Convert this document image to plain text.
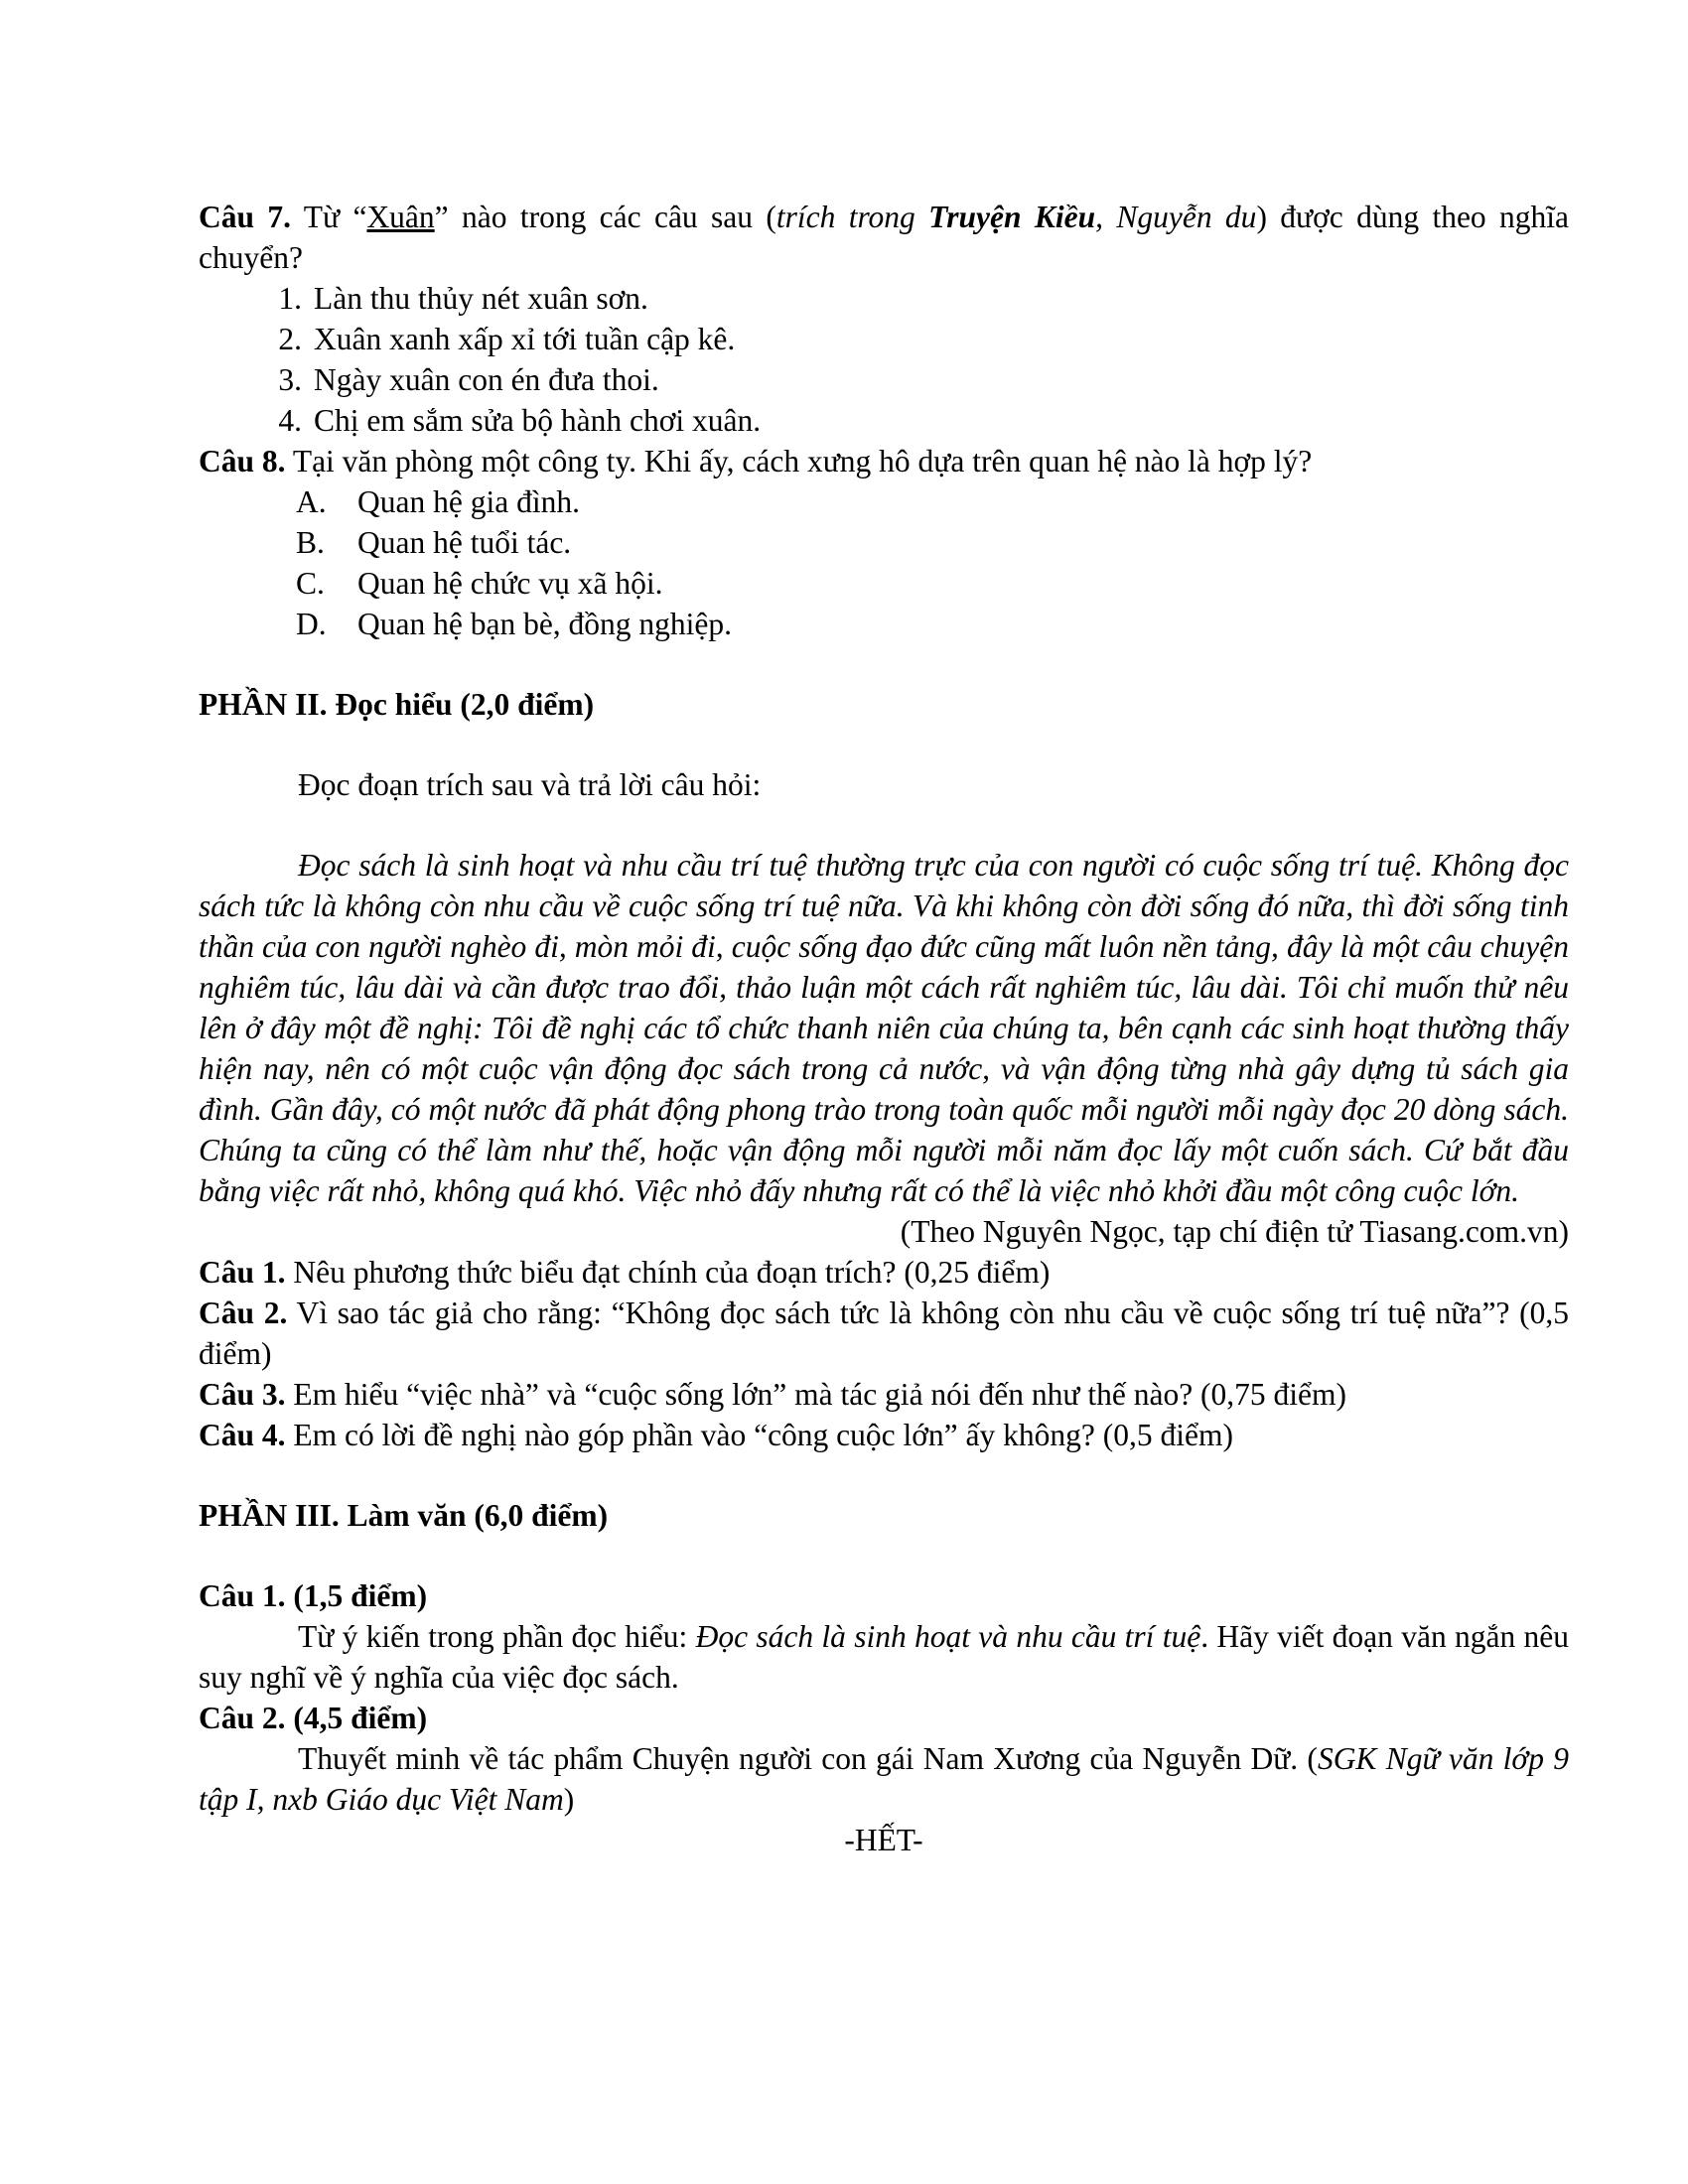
Câu 7. Từ “Xuân” nào trong các câu sau (trích trong Truyện Kiều, Nguyễn du) được dùng theo nghĩa chuyển?

1. Làn thu thủy nét xuân sơn.
2. Xuân xanh xấp xỉ tới tuần cập kê.
3. Ngày xuân con én đưa thoi.
4. Chị em sắm sửa bộ hành chơi xuân.

Câu 8. Tại văn phòng một công ty. Khi ấy, cách xưng hô dựa trên quan hệ nào là hợp lý?

A. Quan hệ gia đình.
B. Quan hệ tuổi tác.
C. Quan hệ chức vụ xã hội.
D. Quan hệ bạn bè, đồng nghiệp.

PHẦN II. Đọc hiểu (2,0 điểm)

Đọc đoạn trích sau và trả lời câu hỏi:

Đọc sách là sinh hoạt và nhu cầu trí tuệ thường trực của con người có cuộc sống trí tuệ. Không đọc sách tức là không còn nhu cầu về cuộc sống trí tuệ nữa. Và khi không còn đời sống đó nữa, thì đời sống tinh thần của con người nghèo đi, mòn mỏi đi, cuộc sống đạo đức cũng mất luôn nền tảng, đây là một câu chuyện nghiêm túc, lâu dài và cần được trao đổi, thảo luận một cách rất nghiêm túc, lâu dài. Tôi chỉ muốn thử nêu lên ở đây một đề nghị: Tôi đề nghị các tổ chức thanh niên của chúng ta, bên cạnh các sinh hoạt thường thấy hiện nay, nên có một cuộc vận động đọc sách trong cả nước, và vận động từng nhà gây dựng tủ sách gia đình. Gần đây, có một nước đã phát động phong trào trong toàn quốc mỗi người mỗi ngày đọc 20 dòng sách. Chúng ta cũng có thể làm như thế, hoặc vận động mỗi người mỗi năm đọc lấy một cuốn sách. Cứ bắt đầu bằng việc rất nhỏ, không quá khó. Việc nhỏ đấy nhưng rất có thể là việc nhỏ khởi đầu một công cuộc lớn.

(Theo Nguyên Ngọc, tạp chí điện tử Tiasang.com.vn)

Câu 1. Nêu phương thức biểu đạt chính của đoạn trích? (0,25 điểm)

Câu 2. Vì sao tác giả cho rằng: “Không đọc sách tức là không còn nhu cầu về cuộc sống trí tuệ nữa”? (0,5 điểm)

Câu 3. Em hiểu “việc nhà” và “cuộc sống lớn” mà tác giả nói đến như thế nào? (0,75 điểm)

Câu 4. Em có lời đề nghị nào góp phần vào “công cuộc lớn” ấy không? (0,5 điểm)

PHẦN III. Làm văn (6,0 điểm)

Câu 1. (1,5 điểm)

Từ ý kiến trong phần đọc hiểu: Đọc sách là sinh hoạt và nhu cầu trí tuệ. Hãy viết đoạn văn ngắn nêu suy nghĩ về ý nghĩa của việc đọc sách.

Câu 2. (4,5 điểm)

Thuyết minh về tác phẩm Chuyện người con gái Nam Xương của Nguyễn Dữ. (SGK Ngữ văn lớp 9 tập I, nxb Giáo dục Việt Nam)

-HẾT-
